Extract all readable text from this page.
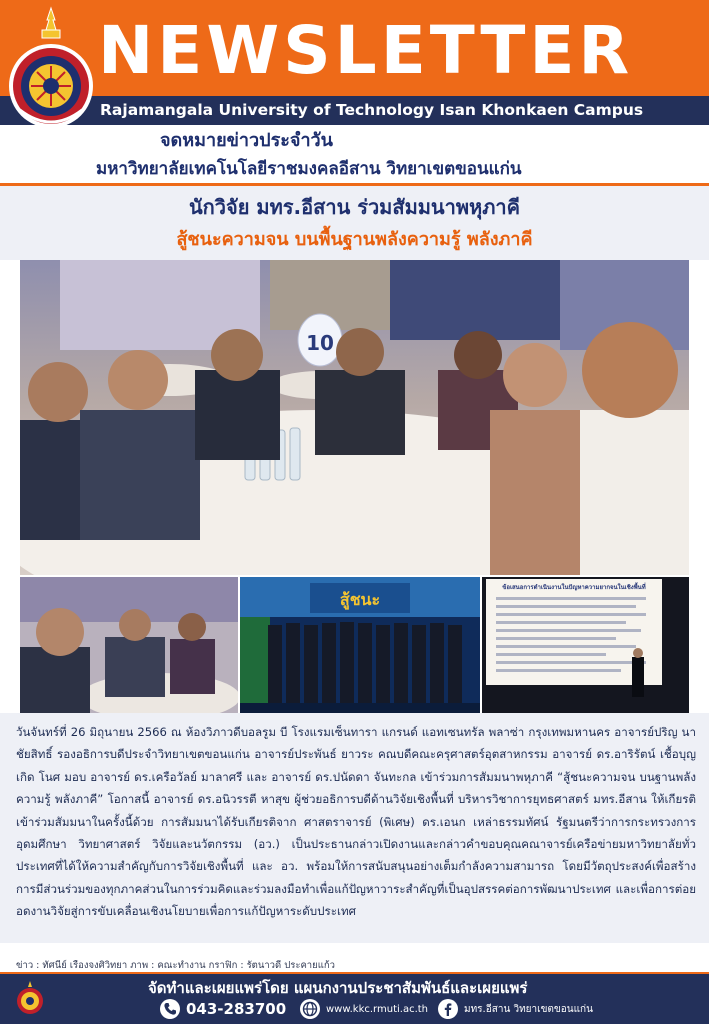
NEWSLETTER
Rajamangala University of Technology Isan Khonkaen Campus
จดหมายข่าวประจำวัน
มหาวิทยาลัยเทคโนโลยีราชมงคลอีสาน วิทยาเขตขอนแก่น
นักวิจัย มทร.อีสาน ร่วมสัมมนาพหุภาคี
สู้ชนะความจน บนพื้นฐานพลังความรู้ พลังภาคี
10
สู้ชนะ
ข้อเสนอการดำเนินงานในปัญหาความยากจนในเชิงพื้นที่

วันจันทร์ที่ 26 มิถุนายน 2566 ณ ห้องวิภาวดีบอลรูม บี โรงแรมเซ็นทารา แกรนด์ แอทเซนทรัล พลาซ่า กรุงเทพมหานคร อาจารย์ปริญ นาชัยสิทธิ์ รองอธิการบดีประจำวิทยาเขตขอนแก่น อาจารย์ประพันธ์ ยาวระ คณบดีคณะครุศาสตร์อุตสาหกรรม อาจารย์ ดร.อาริรัตน์ เชื้อบุญเกิด โนศ มอบ อาจารย์ ดร.เครือวัลย์ มาลาศรี และ อาจารย์ ดร.ปนัดดา จันทะกล เข้าร่วมการสัมมนาพหุภาคี “สู้ชนะความจน บนฐานพลังความรู้ พลังภาคี” โอกาสนี้ อาจารย์ ดร.อนิวรรตี หาสุข ผู้ช่วยอธิการบดีด้านวิจัยเชิงพื้นที่ บริหารวิชาการยุทธศาสตร์ มทร.อีสาน ให้เกียรติเข้าร่วมสัมมนาในครั้งนี้ด้วย การสัมมนาได้รับเกียรติจาก ศาสตราจารย์ (พิเศษ) ดร.เอนก เหล่าธรรมทัศน์ รัฐมนตรีว่าการกระทรวงการอุดมศึกษา วิทยาศาสตร์ วิจัยและนวัตกรรม (อว.) เป็นประธานกล่าวเปิดงานและกล่าวคำขอบคุณคณาจารย์เครือข่ายมหาวิทยาลัยทั่วประเทศที่ได้ให้ความสำคัญกับการวิจัยเชิงพื้นที่ และ อว. พร้อมให้การสนับสนุนอย่างเต็มกำลังความสามารถ โดยมีวัตถุประสงค์เพื่อสร้างการมีส่วนร่วมของทุกภาคส่วนในการร่วมคิดและร่วมลงมือทำเพื่อแก้ปัญหาวาระสำคัญที่เป็นอุปสรรคต่อการพัฒนาประเทศ และเพื่อการต่อยอดงานวิจัยสู่การขับเคลื่อนเชิงนโยบายเพื่อการแก้ปัญหาระดับประเทศ

ข่าว : ทัศนีย์ เรืองจงศิวิทยา ภาพ : คณะทำงาน กราฟิก : รัตนาวดี ประคายแก้ว
จัดทำและเผยแพร่โดย แผนกงานประชาสัมพันธ์และเผยแพร่
043-283700	www.kkc.rmuti.ac.th	มทร.อีสาน วิทยาเขตขอนแก่น
